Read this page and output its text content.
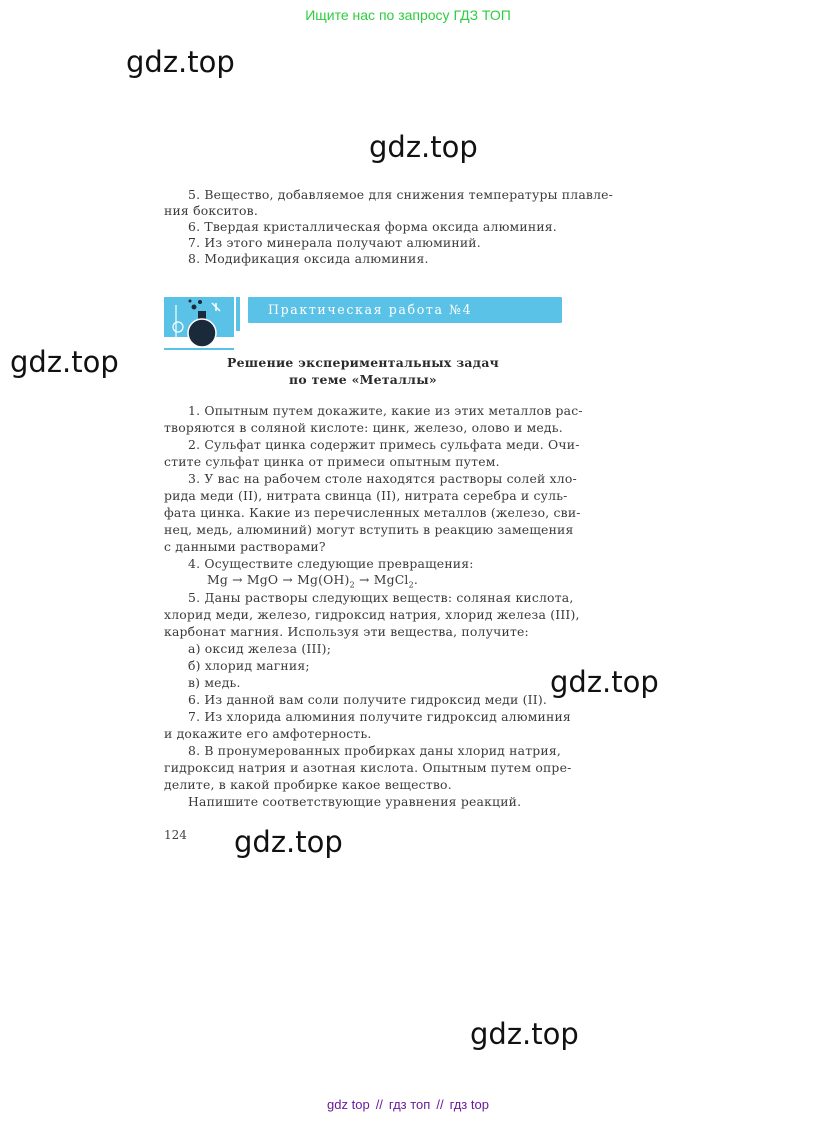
Ищите нас по запросу ГДЗ ТОП
gdz.top
gdz.top
gdz.top
gdz.top
gdz.top
gdz.top
5. Вещество, добавляемое для снижения температуры плавле-
ния бокситов.
6. Твердая кристаллическая форма оксида алюминия.
7. Из этого минерала получают алюминий.
8. Модификация оксида алюминия.
Практическая работа №4
Решение экспериментальных задач
по теме «Металлы»
1. Опытным путем докажите, какие из этих металлов рас-
творяются в соляной кислоте: цинк, железо, олово и медь.
2. Сульфат цинка содержит примесь сульфата меди. Очи-
стите сульфат цинка от примеси опытным путем.
3. У вас на рабочем столе находятся растворы солей хло-
рида меди (II), нитрата свинца (II), нитрата серебра и суль-
фата цинка. Какие из перечисленных металлов (железо, сви-
нец, медь, алюминий) могут вступить в реакцию замещения
с данными растворами?
4. Осуществите следующие превращения:
Mg → MgO → $Mg(OH)_2$ → MgCl$_2$.
5. Даны растворы следующих веществ: соляная кислота,
хлорид меди, железо, гидроксид натрия, хлорид железа (III),
карбонат магния. Используя эти вещества, получите:
а) оксид железа (III);
б) хлорид магния;
в) медь.
6. Из данной вам соли получите гидроксид меди (II).
7. Из хлорида алюминия получите гидроксид алюминия
и докажите его амфотерность.
8. В пронумерованных пробирках даны хлорид натрия,
гидроксид натрия и азотная кислота. Опытным путем опре-
делите, в какой пробирке какое вещество.
Напишите соответствующие уравнения реакций.
124
gdz top // гдз топ // гдз top
